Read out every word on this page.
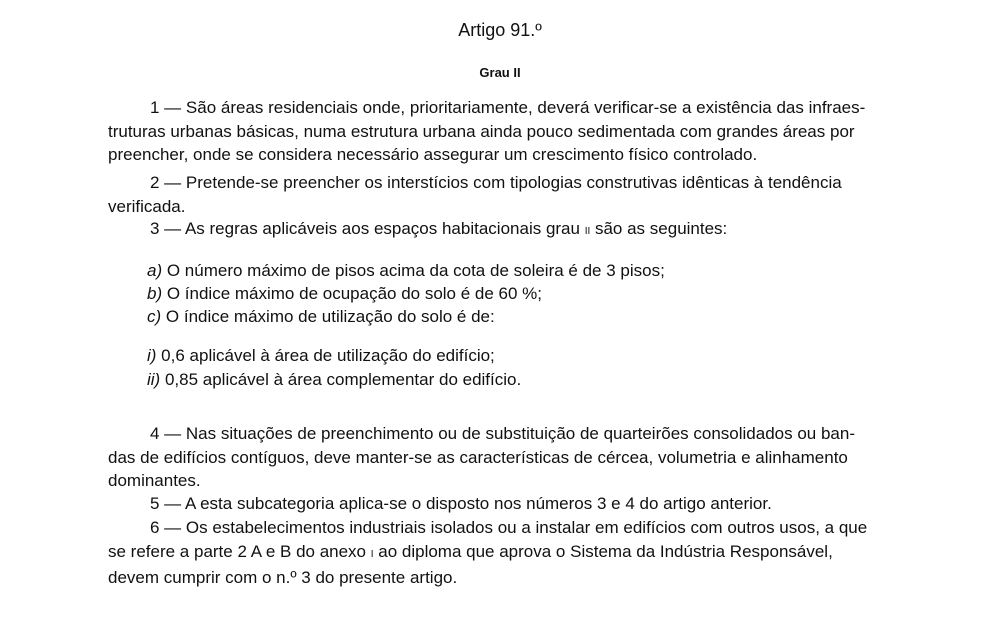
Artigo 91.º
Grau II
1 — São áreas residenciais onde, prioritariamente, deverá verificar-se a existência das infraes-
truturas urbanas básicas, numa estrutura urbana ainda pouco sedimentada com grandes áreas por
preencher, onde se considera necessário assegurar um crescimento físico controlado.
2 — Pretende-se preencher os interstícios com tipologias construtivas idênticas à tendência
verificada.
3 — As regras aplicáveis aos espaços habitacionais grau II são as seguintes:
a) O número máximo de pisos acima da cota de soleira é de 3 pisos;
b) O índice máximo de ocupação do solo é de 60 %;
c) O índice máximo de utilização do solo é de:
i) 0,6 aplicável à área de utilização do edifício;
ii) 0,85 aplicável à área complementar do edifício.
4 — Nas situações de preenchimento ou de substituição de quarteirões consolidados ou ban-
das de edifícios contíguos, deve manter-se as características de cércea, volumetria e alinhamento
dominantes.
5 — A esta subcategoria aplica-se o disposto nos números 3 e 4 do artigo anterior.
6 — Os estabelecimentos industriais isolados ou a instalar em edifícios com outros usos, a que
se refere a parte 2 A e B do anexo I ao diploma que aprova o Sistema da Indústria Responsável,
devem cumprir com o n.º 3 do presente artigo.
